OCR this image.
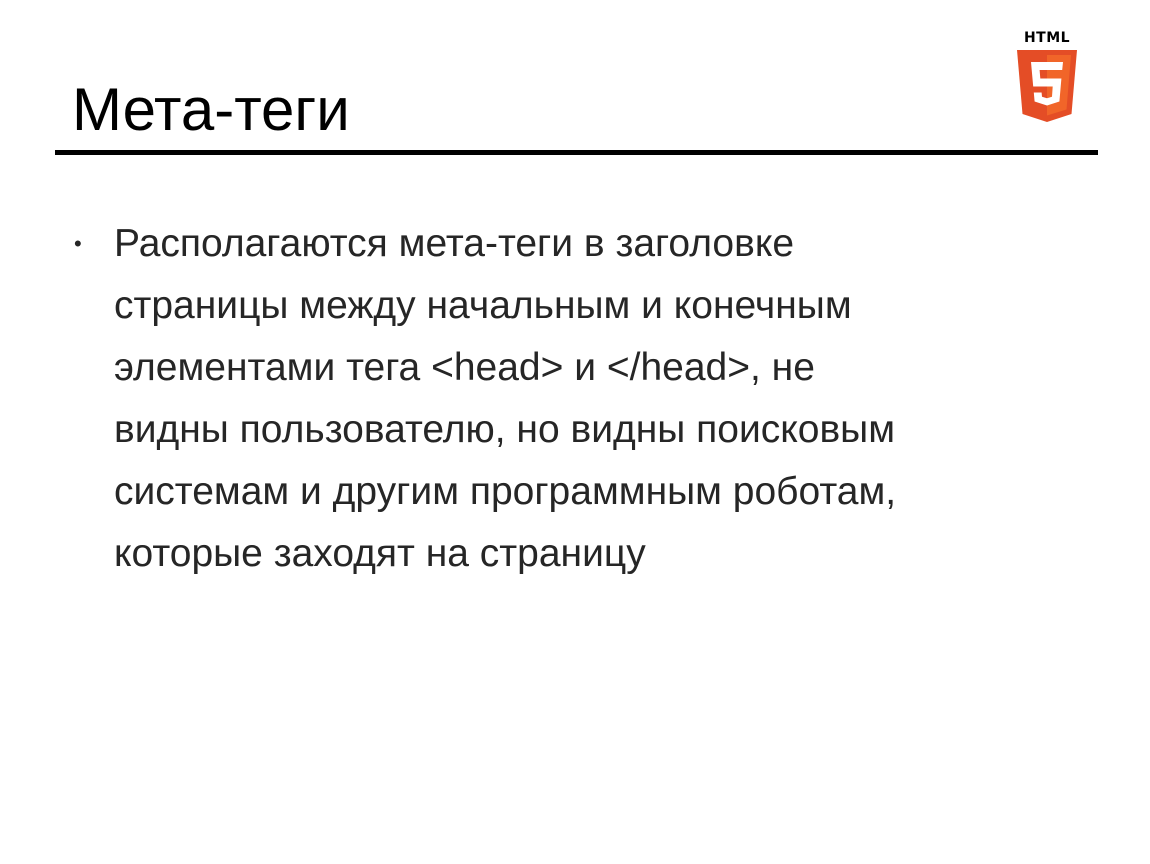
Мета-теги
HTML
• Располагаются мета-теги в заголовке
страницы между начальным и конечным
элементами тега <head> и </head>, не
видны пользователю, но видны поисковым
системам и другим программным роботам,
которые заходят на страницу
